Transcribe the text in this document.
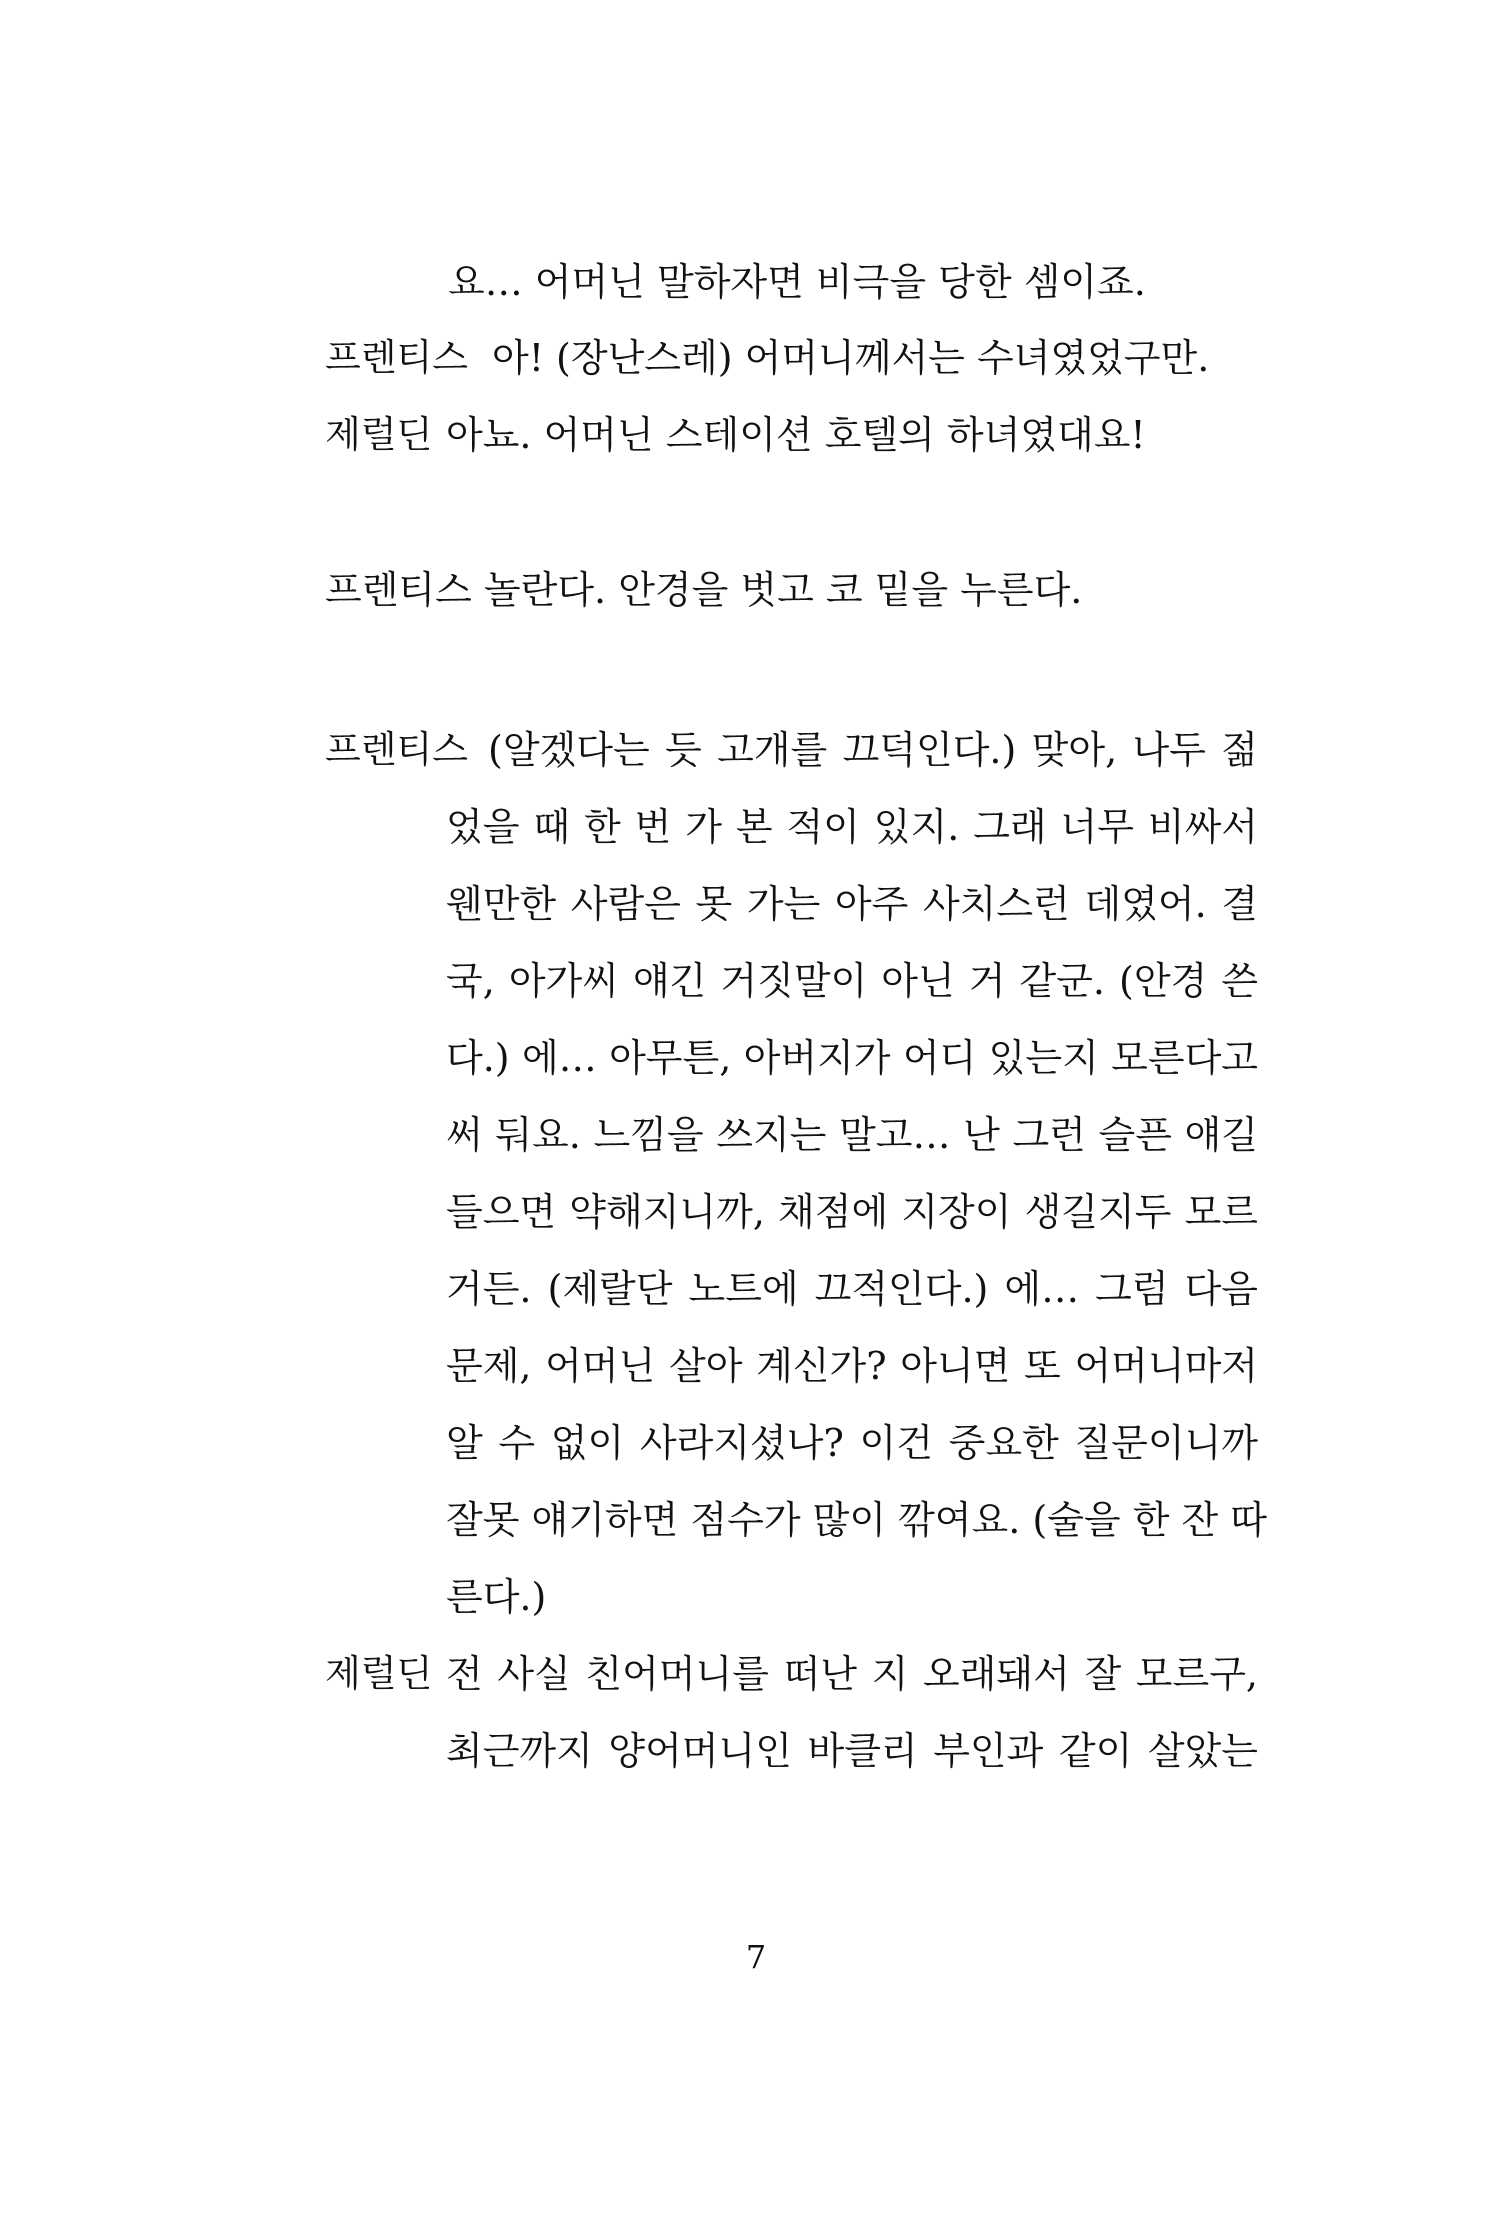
요… 어머닌 말하자면 비극을 당한 셈이죠.
프렌티스 아! (장난스레) 어머니께서는 수녀였었구만.
제럴딘 아뇨. 어머닌 스테이션 호텔의 하녀였대요!
프렌티스 놀란다. 안경을 벗고 코 밑을 누른다.
프렌티스 (알겠다는 듯 고개를 끄덕인다.) 맞아, 나두 젊
었을 때 한 번 가 본 적이 있지. 그래 너무 비싸서
웬만한 사람은 못 가는 아주 사치스런 데였어. 결
국, 아가씨 얘긴 거짓말이 아닌 거 같군. (안경 쓴
다.) 에… 아무튼, 아버지가 어디 있는지 모른다고
써 둬요. 느낌을 쓰지는 말고… 난 그런 슬픈 얘길
들으면 약해지니까, 채점에 지장이 생길지두 모르
거든. (제랄단 노트에 끄적인다.) 에… 그럼 다음
문제, 어머닌 살아 계신가? 아니면 또 어머니마저
알 수 없이 사라지셨나? 이건 중요한 질문이니까
잘못 얘기하면 점수가 많이 깎여요. (술을 한 잔 따
른다.)
제럴딘 전 사실 친어머니를 떠난 지 오래돼서 잘 모르구,
최근까지 양어머니인 바클리 부인과 같이 살았는
7
